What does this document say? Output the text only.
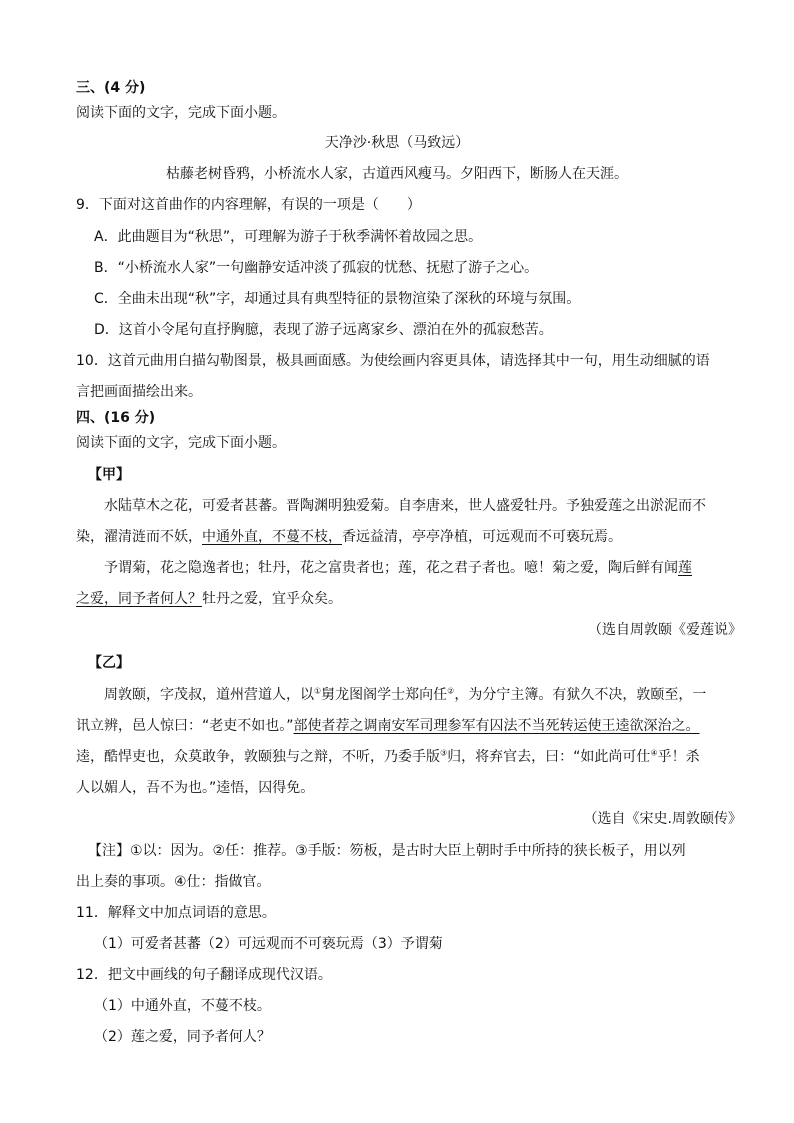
三、(4 分)
阅读下面的文字，完成下面小题。
天净沙·秋思（马致远）
枯藤老树昏鸦，小桥流水人家，古道西风瘦马。夕阳西下，断肠人在天涯。
9．下面对这首曲作的内容理解，有误的一项是（　　）
A．此曲题目为“秋思”，可理解为游子于秋季满怀着故园之思。
B．“小桥流水人家”一句幽静安适冲淡了孤寂的忧愁、抚慰了游子之心。
C．全曲未出现“秋”字，却通过具有典型特征的景物渲染了深秋的环境与氛围。
D．这首小令尾句直抒胸臆，表现了游子远离家乡、漂泊在外的孤寂愁苦。
10．这首元曲用白描勾勒图景，极具画面感。为使绘画内容更具体，请选择其中一句，用生动细腻的语
言把画面描绘出来。
四、(16 分)
阅读下面的文字，完成下面小题。
【甲】
水陆草木之花，可爱者甚蕃。晋陶渊明独爱菊。自李唐来，世人盛爱牡丹。予独爱莲之出淤泥而不
染，濯清涟而不妖，中通外直，不蔓不枝，香远益清，亭亭净植，可远观而不可亵玩焉。
予谓菊，花之隐逸者也；牡丹，花之富贵者也；莲，花之君子者也。噫！菊之爱，陶后鲜有闻莲
之爱，同予者何人？牡丹之爱，宜乎众矣。
（选自周敦颐《爱莲说》
【乙】
周敦颐，字茂叔，道州营道人，以①舅龙图阁学士郑向任②，为分宁主簿。有狱久不决，敦颐至，一
讯立辨，邑人惊曰：“老吏不如也。”部使者荐之调南安军司理参军有囚法不当死转运使王逵欲深治之。
逵，酷悍吏也，众莫敢争，敦颐独与之辩，不听，乃委手版③归，将弃官去，曰：“如此尚可仕④乎！杀
人以媚人，吾不为也。”逵悟，囚得免。
（选自《宋史.周敦颐传》
【注】①以：因为。②任：推荐。③手版：笏板，是古时大臣上朝时手中所持的狭长板子，用以列
出上奏的事项。④仕：指做官。
11．解释文中加点词语的意思。
（1）可爱者甚蕃（2）可远观而不可亵玩焉（3）予谓菊
12．把文中画线的句子翻译成现代汉语。
（1）中通外直，不蔓不枝。
（2）莲之爱，同予者何人？
